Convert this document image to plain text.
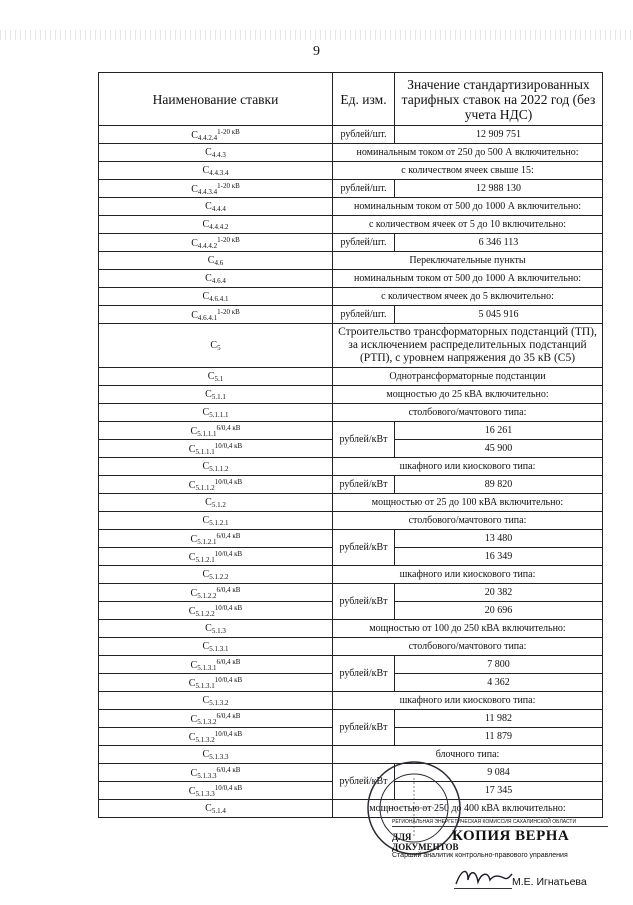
9
Наименование ставки	Ед. изм.	Значение стандартизированных тарифных ставок на 2022 год (без учета НДС)
$C_{4.4.2.4}^{1-20 кВ}$	рублей/шт.	12 909 751
$C_{4.4.3}$	номинальным током от 250 до 500 А включительно:	
$C_{4.4.3.4}$	с количеством ячеек свыше 15:	
$C_{4.4.3.4}^{1-20 кВ}$	рублей/шт.	12 988 130
$C_{4.4.4}$	номинальным током от 500 до 1000 А включительно:	
$C_{4.4.4.2}$	с количеством ячеек от 5 до 10 включительно:	
$C_{4.4.4.2}^{1-20 кВ}$	рублей/шт.	6 346 113
$C_{4.6}$	Переключательные пункты	
$C_{4.6.4}$	номинальным током от 500 до 1000 А включительно:	
$C_{4.6.4.1}$	с количеством ячеек до 5 включительно:	
$C_{4.6.4.1}^{1-20 кВ}$	рублей/шт.	5 045 916
$C_5$	Строительство трансформаторных подстанций (ТП), за исключением распределительных подстанций (РТП), с уровнем напряжения до 35 кВ (С5)	
$C_{5.1}$	Однотрансформаторные подстанции	
$C_{5.1.1}$	мощностью до 25 кВА включительно:	
$C_{5.1.1.1}$	столбового/мачтового типа:	
$C_{5.1.1.1}^{6/0,4 кВ}$	рублей/кВт	16 261
$C_{5.1.1.1}^{10/0,4 кВ}$		45 900
$C_{5.1.1.2}$	шкафного или киоскового типа:	
$C_{5.1.1.2}^{10/0,4 кВ}$	рублей/кВт	89 820
$C_{5.1.2}$	мощностью от 25 до 100 кВА включительно:	
$C_{5.1.2.1}$	столбового/мачтового типа:	
$C_{5.1.2.1}^{6/0,4 кВ}$	рублей/кВт	13 480
$C_{5.1.2.1}^{10/0,4 кВ}$		16 349
$C_{5.1.2.2}$	шкафного или киоскового типа:	
$C_{5.1.2.2}^{6/0,4 кВ}$	рублей/кВт	20 382
$C_{5.1.2.2}^{10/0,4 кВ}$		20 696
$C_{5.1.3}$	мощностью от 100 до 250 кВА включительно:	
$C_{5.1.3.1}$	столбового/мачтового типа:	
$C_{5.1.3.1}^{6/0,4 кВ}$	рублей/кВт	7 800
$C_{5.1.3.1}^{10/0,4 кВ}$		4 362
$C_{5.1.3.2}$	шкафного или киоскового типа:	
$C_{5.1.3.2}^{6/0,4 кВ}$	рублей/кВт	11 982
$C_{5.1.3.2}^{10/0,4 кВ}$		11 879
$C_{5.1.3.3}$	блочного типа:	
$C_{5.1.3.3}^{6/0,4 кВ}$	рублей/кВт	9 084
$C_{5.1.3.3}^{10/0,4 кВ}$		17 345
$C_{5.1.4}$	мощностью от 250 до 400 кВА включительно:	
РЕГИОНАЛЬНАЯ ЭНЕРГЕТИЧЕСКАЯ КОМИССИЯ САХАЛИНСКОЙ ОБЛАСТИ
ДЛЯ ДОКУМЕНТОВ
КОПИЯ ВЕРНА
Старший аналитик контрольно-правового управления
М.Е. Игнатьева
